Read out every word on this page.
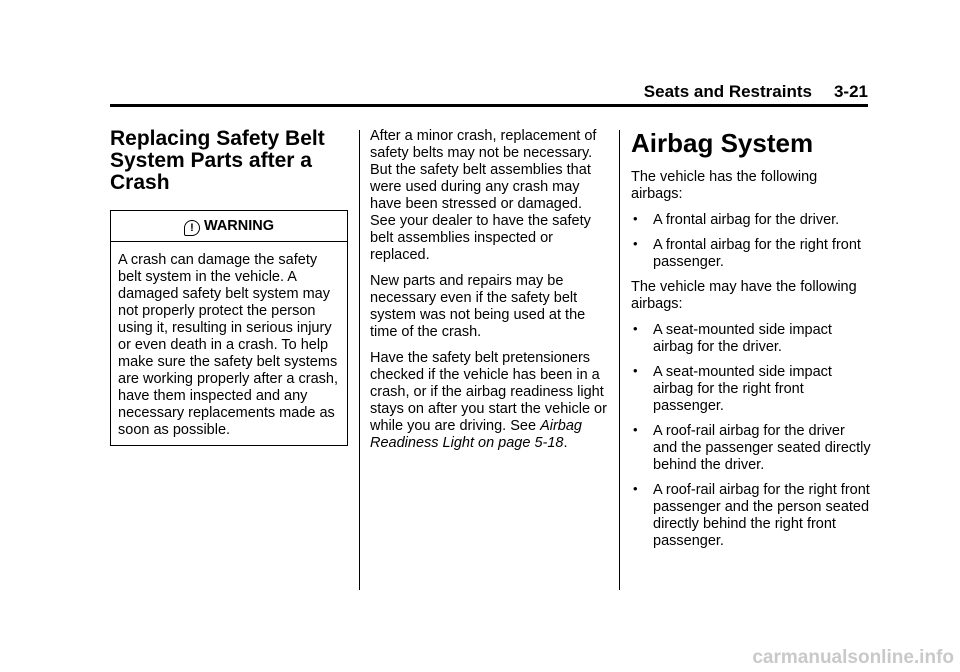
Seats and Restraints 3-21
Replacing Safety Belt System Parts after a Crash
! WARNING
A crash can damage the safety belt system in the vehicle. A damaged safety belt system may not properly protect the person using it, resulting in serious injury or even death in a crash. To help make sure the safety belt systems are working properly after a crash, have them inspected and any necessary replacements made as soon as possible.

After a minor crash, replacement of safety belts may not be necessary. But the safety belt assemblies that were used during any crash may have been stressed or damaged. See your dealer to have the safety belt assemblies inspected or replaced.

New parts and repairs may be necessary even if the safety belt system was not being used at the time of the crash.

Have the safety belt pretensioners checked if the vehicle has been in a crash, or if the airbag readiness light stays on after you start the vehicle or while you are driving. See Airbag Readiness Light on page 5-18.

Airbag System

The vehicle has the following airbags:

• A frontal airbag for the driver.
• A frontal airbag for the right front passenger.

The vehicle may have the following airbags:

• A seat-mounted side impact airbag for the driver.
• A seat-mounted side impact airbag for the right front passenger.
• A roof-rail airbag for the driver and the passenger seated directly behind the driver.
• A roof-rail airbag for the right front passenger and the person seated directly behind the right front passenger.
carmanualsonline.info
